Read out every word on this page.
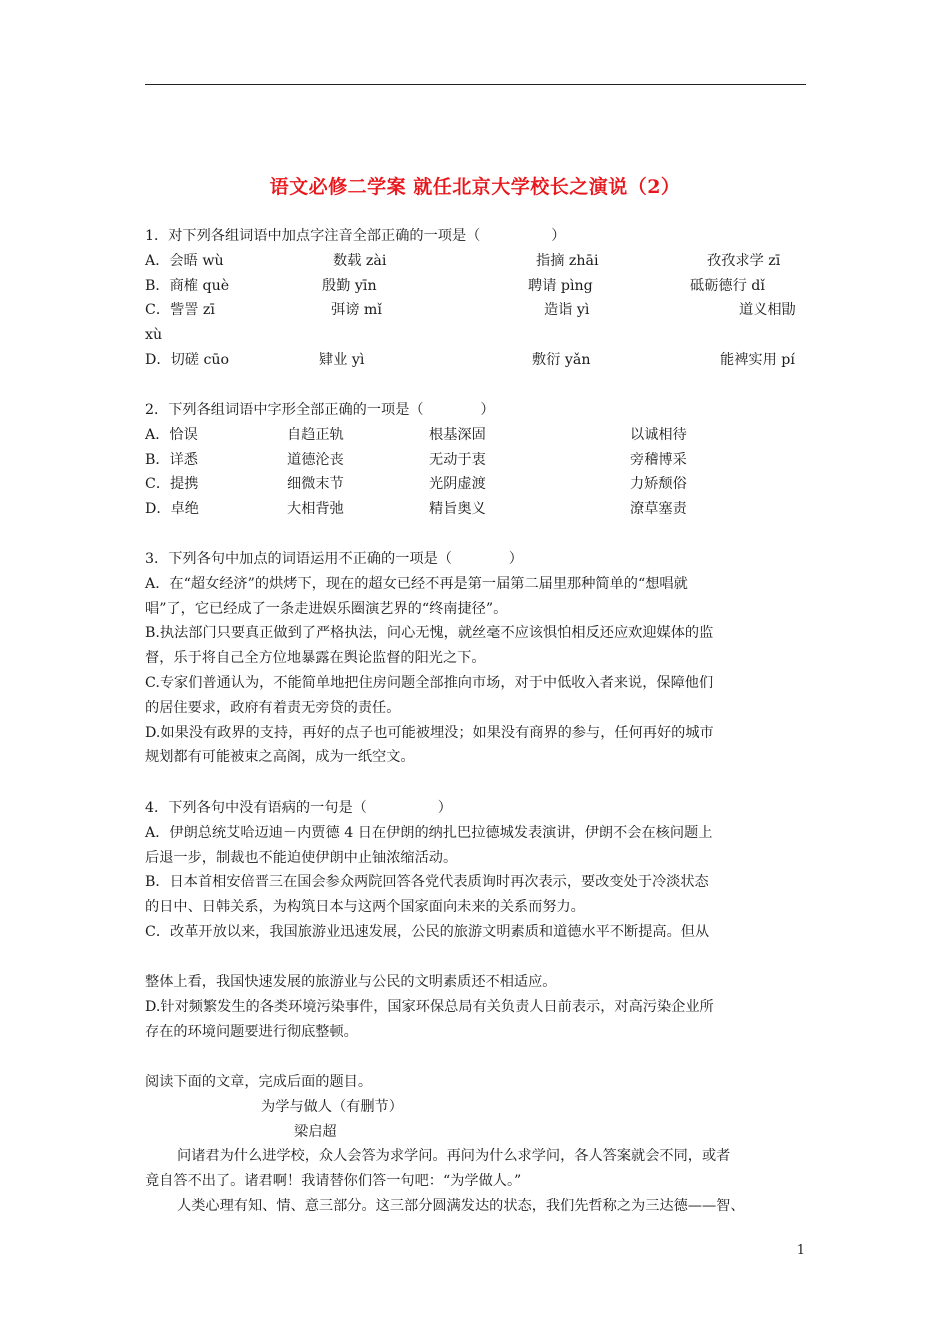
语文必修二学案 就任北京大学校长之演说（2）
1．对下列各组词语中加点字注音全部正确的一项是（　　　　　）
A．会晤 wù	数载 zài	指摘 zhāi	孜孜求学 zī
B．商榷 què	殷勤 yīn	聘请 pìng	砥砺德行 dǐ
C．訾詈 zī	弭谤 mǐ	造诣 yì	道义相勖
xù
D．切磋 cūo	肄业 yì	敷衍 yǎn	能裨实用 pí
2．下列各组词语中字形全部正确的一项是（　　　　）
A．恰误	自趋正轨	根基深固	以诚相待
B．详悉	道德沦丧	无动于衷	旁稽博采
C．提携	细微末节	光阴虚渡	力矫颓俗
D．卓绝	大相背弛	精旨奥义	潦草塞责
3．下列各句中加点的词语运用不正确的一项是（　　　　）
A．在“超女经济”的烘烤下，现在的超女已经不再是第一届第二届里那种简单的“想唱就
唱”了，它已经成了一条走进娱乐圈演艺界的“终南捷径”。
B.执法部门只要真正做到了严格执法，问心无愧，就丝毫不应该惧怕相反还应欢迎媒体的监
督，乐于将自己全方位地暴露在舆论监督的阳光之下。
C.专家们普通认为，不能简单地把住房问题全部推向市场，对于中低收入者来说，保障他们
的居住要求，政府有着责无旁贷的责任。
D.如果没有政界的支持，再好的点子也可能被埋没；如果没有商界的参与，任何再好的城市
规划都有可能被束之高阁，成为一纸空文。
4．下列各句中没有语病的一句是（　　　　　）
A．伊朗总统艾哈迈迪－内贾德 4 日在伊朗的纳扎巴拉德城发表演讲，伊朗不会在核问题上
后退一步，制裁也不能迫使伊朗中止铀浓缩活动。
B．日本首相安倍晋三在国会参众两院回答各党代表质询时再次表示，要改变处于冷淡状态
的日中、日韩关系，为构筑日本与这两个国家面向未来的关系而努力。
C．改革开放以来，我国旅游业迅速发展，公民的旅游文明素质和道德水平不断提高。但从
整体上看，我国快速发展的旅游业与公民的文明素质还不相适应。
D.针对频繁发生的各类环境污染事件，国家环保总局有关负责人日前表示，对高污染企业所
存在的环境问题要进行彻底整顿。
阅读下面的文章，完成后面的题目。
为学与做人（有删节）
梁启超
问诸君为什么进学校，众人会答为求学问。再问为什么求学问，各人答案就会不同，或者
竟自答不出了。诸君啊！我请替你们答一句吧：“为学做人。”
人类心理有知、情、意三部分。这三部分圆满发达的状态，我们先哲称之为三达德——智、
1
